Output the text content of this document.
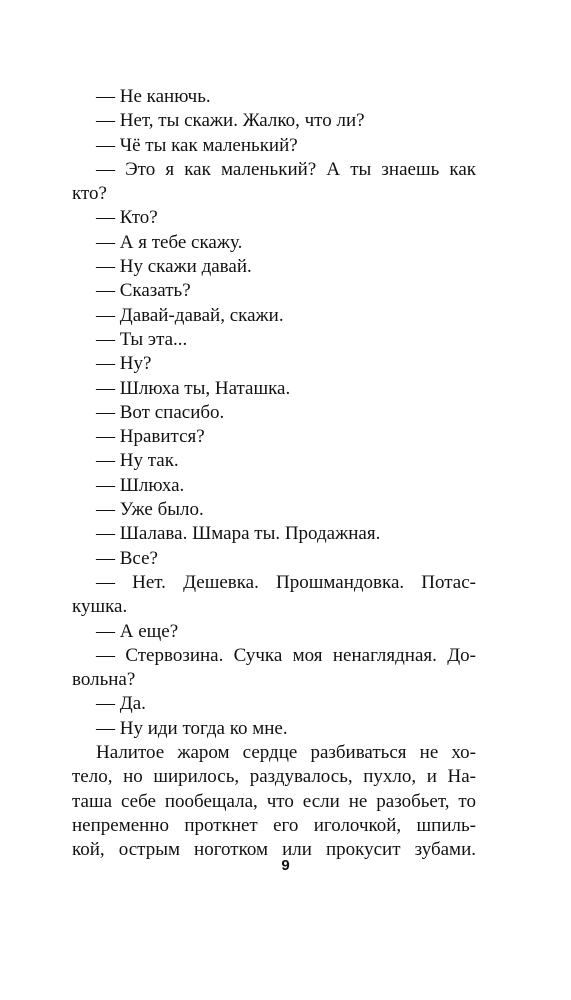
— Не канючь.
— Нет, ты скажи. Жалко, что ли?
— Чё ты как маленький?
— Это я как маленький? А ты знаешь как
кто?
— Кто?
— А я тебе скажу.
— Ну скажи давай.
— Сказать?
— Давай-давай, скажи.
— Ты эта...
— Ну?
— Шлюха ты, Наташка.
— Вот спасибо.
— Нравится?
— Ну так.
— Шлюха.
— Уже было.
— Шалава. Шмара ты. Продажная.
— Все?
— Нет. Дешевка. Прошмандовка. Потас-
кушка.
— А еще?
— Стервозина. Сучка моя ненаглядная. До-
вольна?
— Да.
— Ну иди тогда ко мне.
Налитое жаром сердце разбиваться не хо-
тело, но ширилось, раздувалось, пухло, и На-
таша себе пообещала, что если не разобьет, то
непременно проткнет его иголочкой, шпиль-
кой, острым ноготком или прокусит зубами.
9
